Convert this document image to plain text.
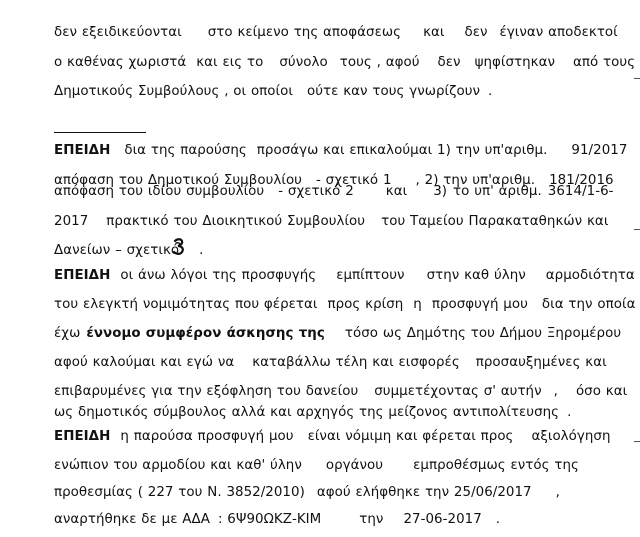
δεν εξειδικεύονται στο κείμενο της αποφάσεως και δεν έγιναν αποδεκτοί
ο καθένας χωριστά και εις το σύνολο τους , αφού δεν ψηφίστηκαν από τους
Δημοτικούς Συμβούλους , οι οποίοι ούτε καν τους γνωρίζουν .
ΕΠΕΙΔΗ δια της παρούσης προσάγω και επικαλούμαι 1) την υπ'αριθμ. 91/2017
απόφαση του Δημοτικού Συμβουλίου - σχετικό 1 , 2) την υπ'αριθμ. 181/2016
απόφαση του ιδίου συμβουλίου - σχετικό 2 και 3) το υπ' αριθμ. 3614/1-6-
2017 πρακτικό του Διοικητικού Συμβουλίου του Ταμείου Παρακαταθηκών και
Δανείων – σχετικό .
ΕΠΕΙΔΗ οι άνω λόγοι της προσφυγής εμπίπτουν στην καθ ύλην αρμοδιότητα
του ελεγκτή νομιμότητας που φέρεται προς κρίση η προσφυγή μου δια την οποία
έχω έννομο συμφέρον άσκησης της τόσο ως Δημότης του Δήμου Ξηρομέρου
αφού καλούμαι και εγώ να καταβάλλω τέλη και εισφορές προσαυξημένες και
επιβαρυμένες για την εξόφληση του δανείου συμμετέχοντας σ' αυτήν , όσο και
ως δημοτικός σύμβουλος αλλά και αρχηγός της μείζονος αντιπολίτευσης .
ΕΠΕΙΔΗ η παρούσα προσφυγή μου είναι νόμιμη και φέρεται προς αξιολόγηση
ενώπιον του αρμοδίου και καθ' ύλην οργάνου εμπροθέσμως εντός της
προθεσμίας ( 227 του Ν. 3852/2010) αφού ελήφθηκε την 25/06/2017 ,
αναρτήθηκε δε με ΑΔΑ : 6Ψ90ΩΚΖ-ΚΙΜ	την 27-06-2017 .
